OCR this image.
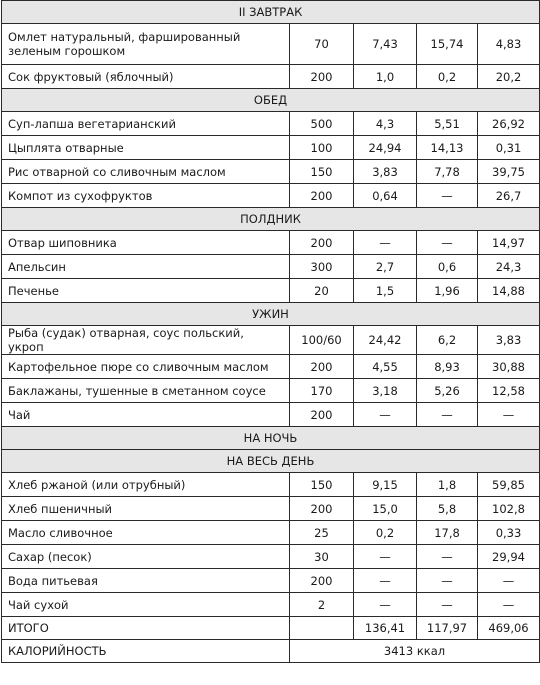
II ЗАВТРАК				
Омлет натуральный, фаршированный зеленым горошком	70	7,43	15,74	4,83
Сок фруктовый (яблочный)	200	1,0	0,2	20,2
ОБЕД				
Суп-лапша вегетарианский	500	4,3	5,51	26,92
Цыплята отварные	100	24,94	14,13	0,31
Рис отварной со сливочным маслом	150	3,83	7,78	39,75
Компот из сухофруктов	200	0,64	—	26,7
ПОЛДНИК				
Отвар шиповника	200	—	—	14,97
Апельсин	300	2,7	0,6	24,3
Печенье	20	1,5	1,96	14,88
УЖИН				
Рыба (судак) отварная, соус польский, укроп	100/60	24,42	6,2	3,83
Картофельное пюре со сливочным маслом	200	4,55	8,93	30,88
Баклажаны, тушенные в сметанном соусе	170	3,18	5,26	12,58
Чай	200	—	—	—
НА НОЧЬ				
НА ВЕСЬ ДЕНЬ				
Хлеб ржаной (или отрубный)	150	9,15	1,8	59,85
Хлеб пшеничный	200	15,0	5,8	102,8
Масло сливочное	25	0,2	17,8	0,33
Сахар (песок)	30	—	—	29,94
Вода питьевая	200	—	—	—
Чай сухой	2	—	—	—
ИТОГО		136,41	117,97	469,06
КАЛОРИЙНОСТЬ	3413 ккал			
